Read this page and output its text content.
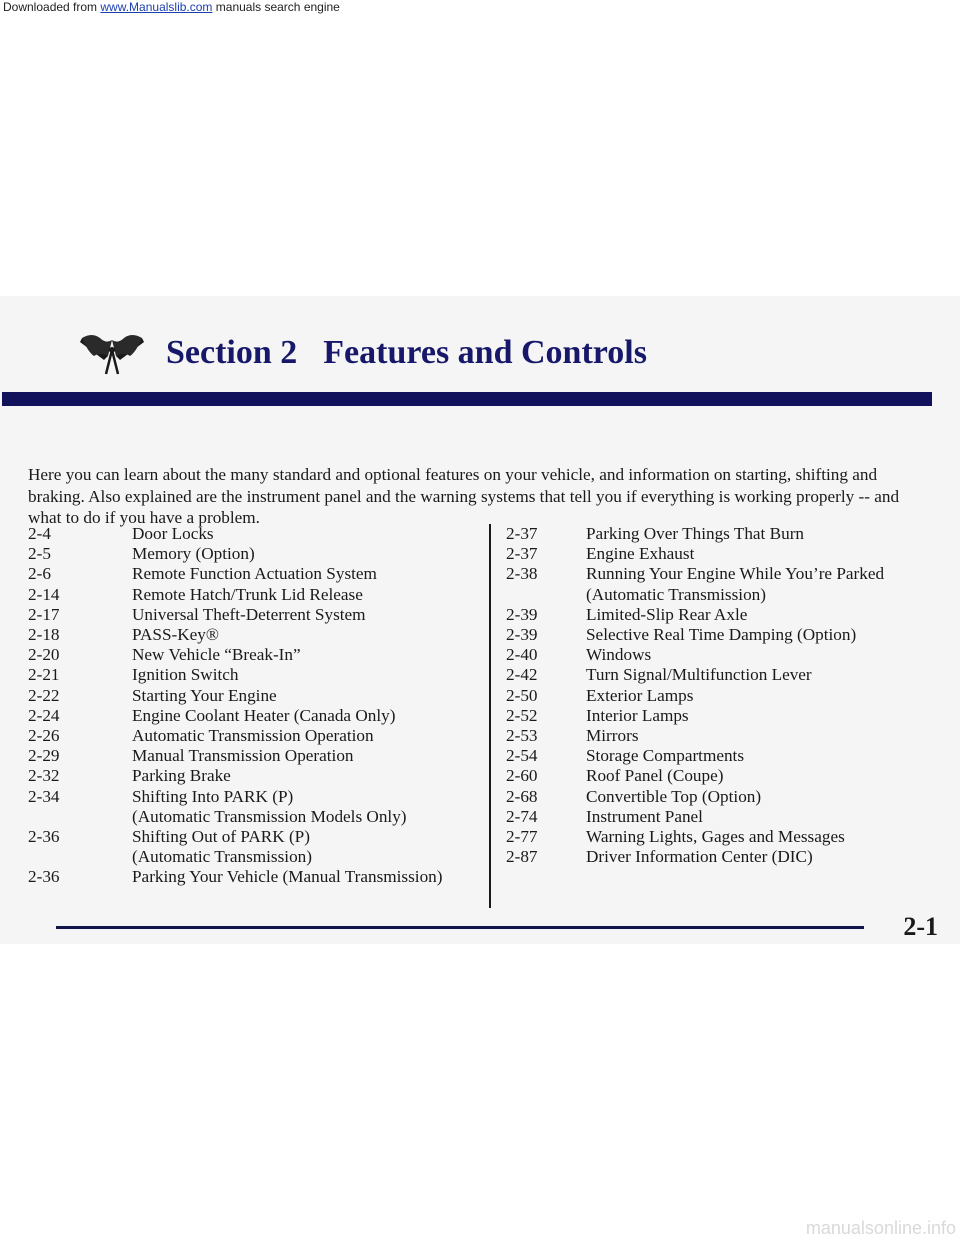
Downloaded from www.Manualslib.com manuals search engine
Section 2 Features and Controls

Here you can learn about the many standard and optional features on your vehicle, and information on starting, shifting and braking. Also explained are the instrument panel and the warning systems that tell you if everything is working properly -- and what to do if you have a problem.

2-4	Door Locks
2-5	Memory (Option)
2-6	Remote Function Actuation System
2-14	Remote Hatch/Trunk Lid Release
2-17	Universal Theft-Deterrent System
2-18	PASS-Key®
2-20	New Vehicle “Break-In”
2-21	Ignition Switch
2-22	Starting Your Engine
2-24	Engine Coolant Heater (Canada Only)
2-26	Automatic Transmission Operation
2-29	Manual Transmission Operation
2-32	Parking Brake
2-34	Shifting Into PARK (P)
(Automatic Transmission Models Only)
2-36	Shifting Out of PARK (P)
(Automatic Transmission)
2-36	Parking Your Vehicle (Manual Transmission)
2-37	Parking Over Things That Burn
2-37	Engine Exhaust
2-38	Running Your Engine While You’re Parked
(Automatic Transmission)
2-39	Limited-Slip Rear Axle
2-39	Selective Real Time Damping (Option)
2-40	Windows
2-42	Turn Signal/Multifunction Lever
2-50	Exterior Lamps
2-52	Interior Lamps
2-53	Mirrors
2-54	Storage Compartments
2-60	Roof Panel (Coupe)
2-68	Convertible Top (Option)
2-74	Instrument Panel
2-77	Warning Lights, Gages and Messages
2-87	Driver Information Center (DIC)
2-1
manualsonline.info
